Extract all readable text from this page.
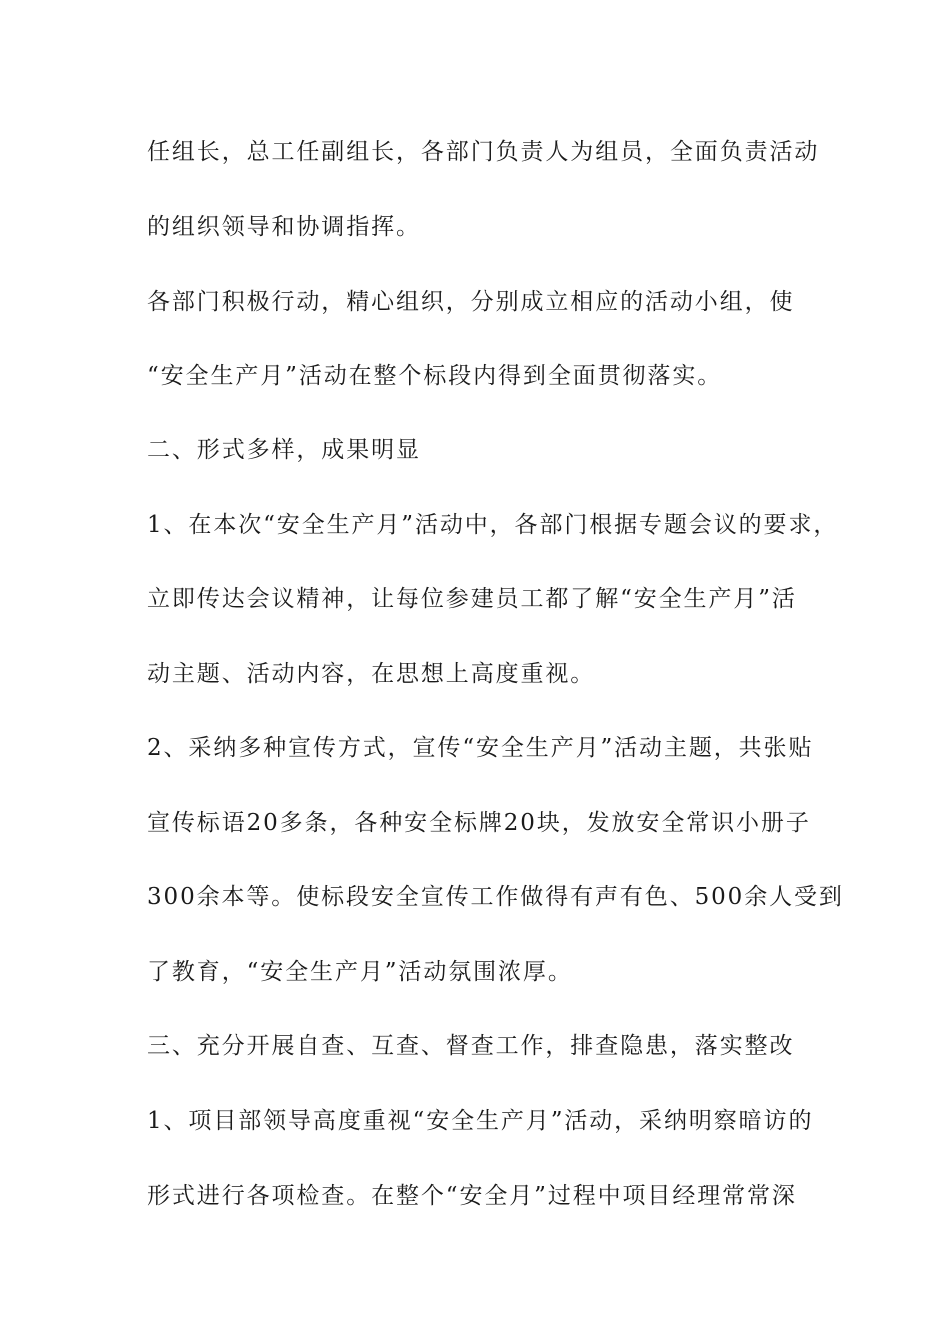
任组长，总工任副组长，各部门负责人为组员，全面负责活动
的组织领导和协调指挥。
各部门积极行动，精心组织，分别成立相应的活动小组，使
“安全生产月”活动在整个标段内得到全面贯彻落实。
二、形式多样，成果明显
1、在本次“安全生产月”活动中，各部门根据专题会议的要求，
立即传达会议精神，让每位参建员工都了解“安全生产月”活
动主题、活动内容，在思想上高度重视。
2、采纳多种宣传方式，宣传“安全生产月”活动主题，共张贴
宣传标语20多条，各种安全标牌20块，发放安全常识小册子
300余本等。使标段安全宣传工作做得有声有色、500余人受到
了教育，“安全生产月”活动氛围浓厚。
三、充分开展自查、互查、督查工作，排查隐患，落实整改
1、项目部领导高度重视“安全生产月”活动，采纳明察暗访的
形式进行各项检查。在整个“安全月”过程中项目经理常常深
